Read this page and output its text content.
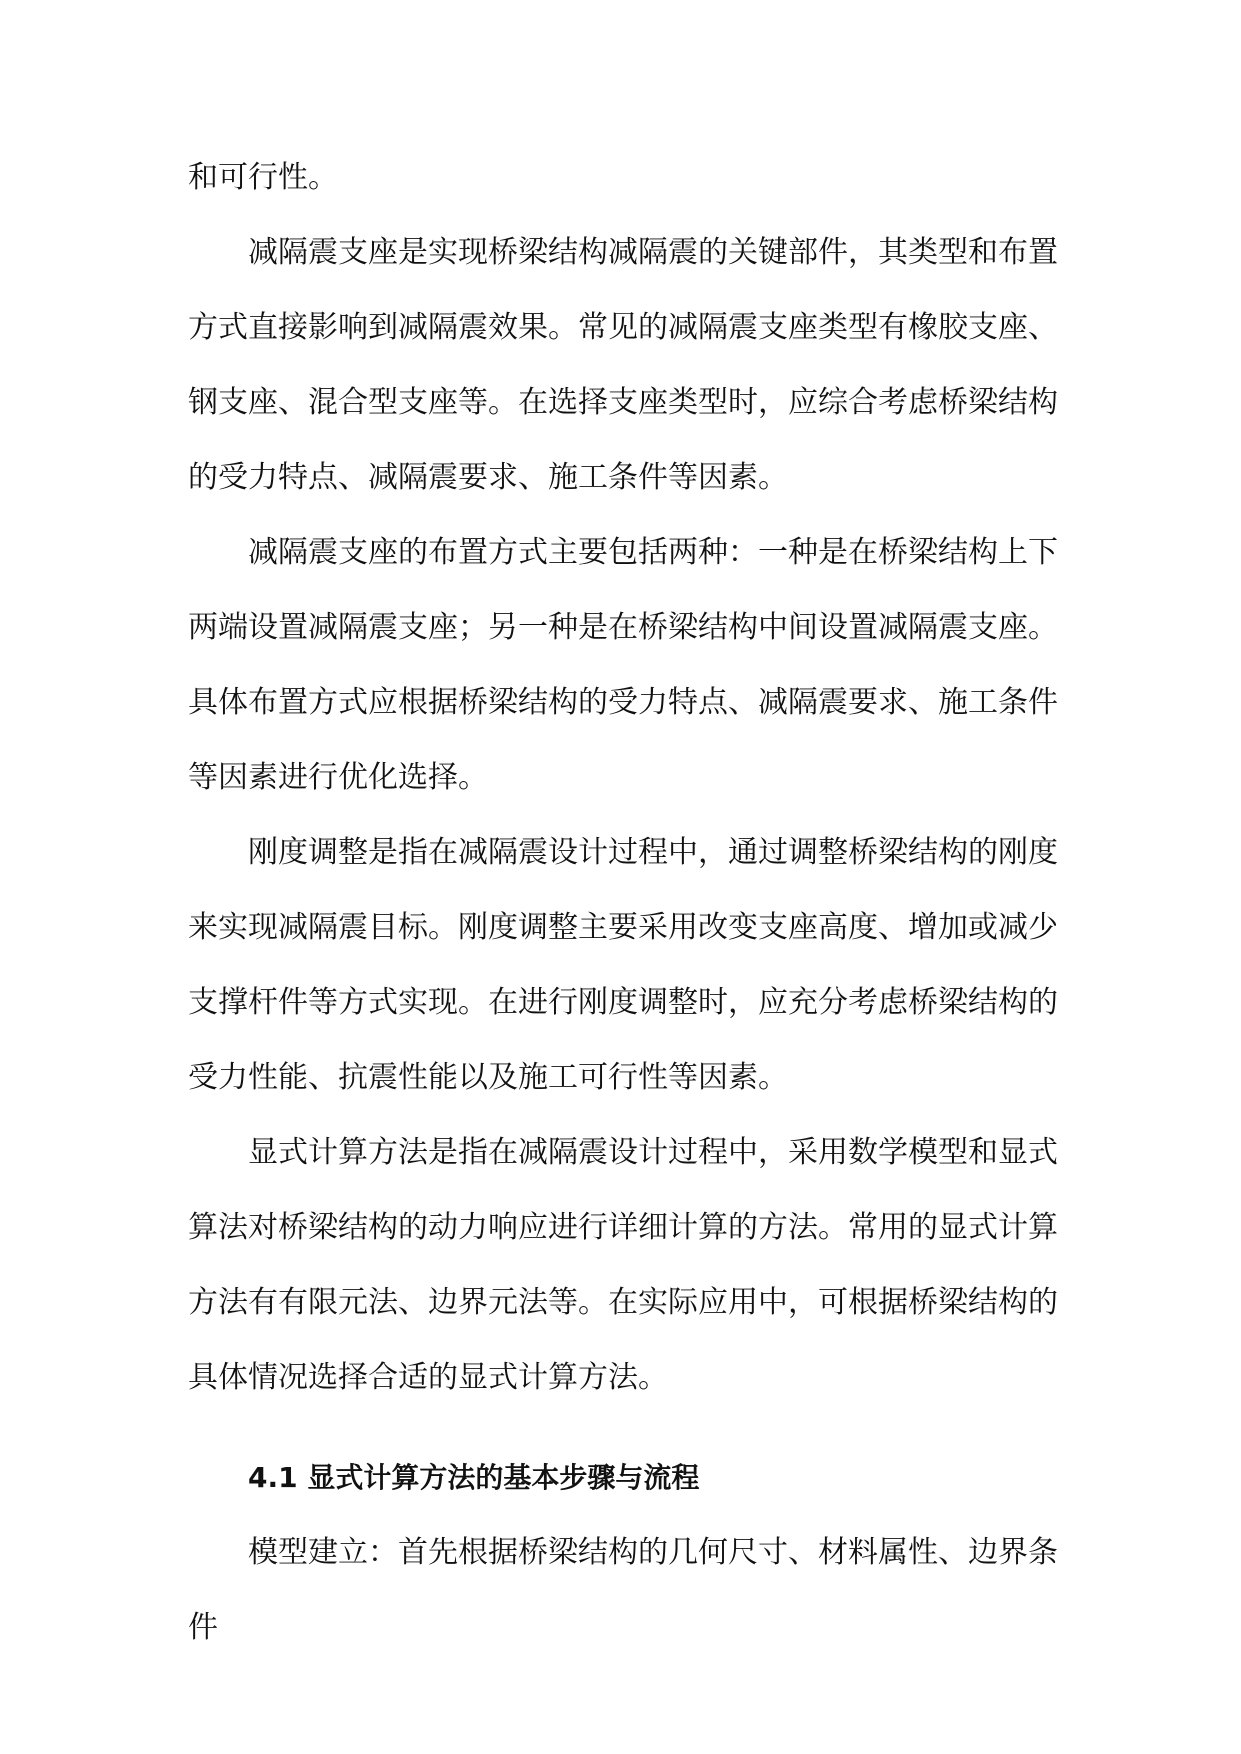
和可行性。

减隔震支座是实现桥梁结构减隔震的关键部件，其类型和布置方式直接影响到减隔震效果。常见的减隔震支座类型有橡胶支座、钢支座、混合型支座等。在选择支座类型时，应综合考虑桥梁结构的受力特点、减隔震要求、施工条件等因素。

减隔震支座的布置方式主要包括两种：一种是在桥梁结构上下两端设置减隔震支座；另一种是在桥梁结构中间设置减隔震支座。具体布置方式应根据桥梁结构的受力特点、减隔震要求、施工条件等因素进行优化选择。

刚度调整是指在减隔震设计过程中，通过调整桥梁结构的刚度来实现减隔震目标。刚度调整主要采用改变支座高度、增加或减少支撑杆件等方式实现。在进行刚度调整时，应充分考虑桥梁结构的受力性能、抗震性能以及施工可行性等因素。

显式计算方法是指在减隔震设计过程中，采用数学模型和显式算法对桥梁结构的动力响应进行详细计算的方法。常用的显式计算方法有有限元法、边界元法等。在实际应用中，可根据桥梁结构的具体情况选择合适的显式计算方法。

4.1 显式计算方法的基本步骤与流程

模型建立：首先根据桥梁结构的几何尺寸、材料属性、边界条件
